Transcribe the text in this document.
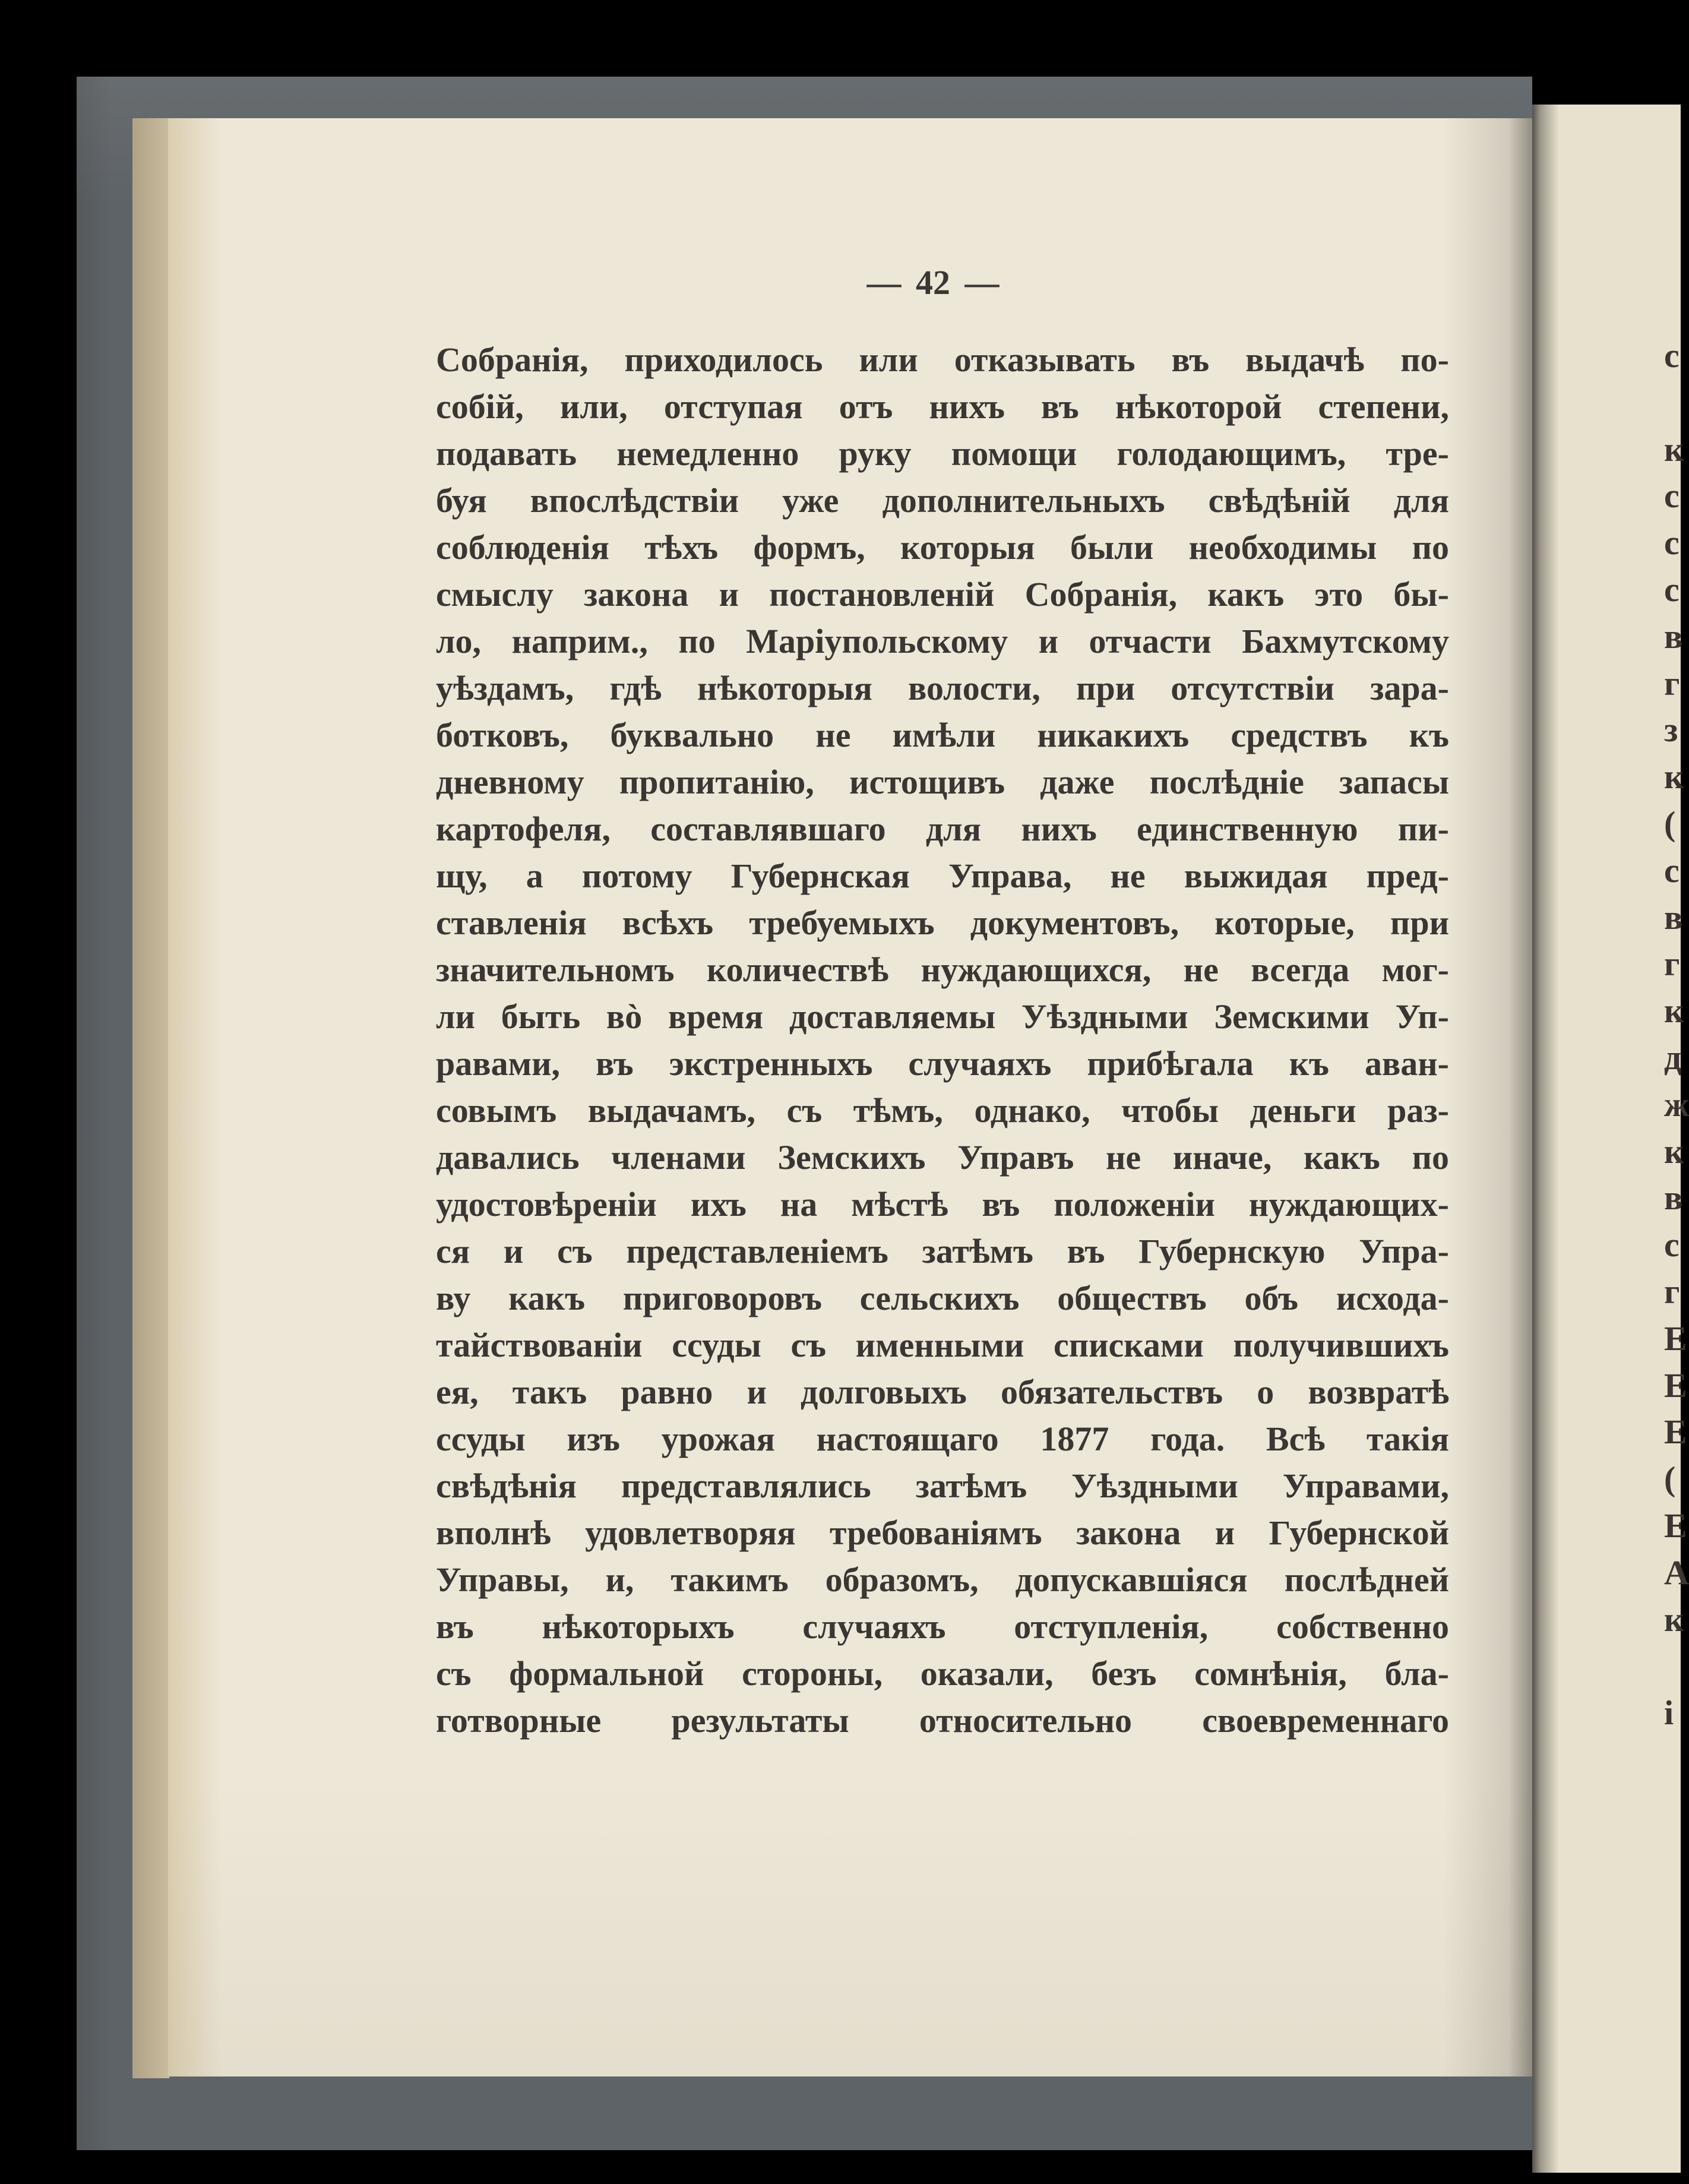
— 42 —
Собранія, приходилось или отказывать въ выдачѣ по-
собій, или, отступая отъ нихъ въ нѣкоторой степени,
подавать немедленно руку помощи голодающимъ, тре-
буя впослѣдствіи уже дополнительныхъ свѣдѣній для
соблюденія тѣхъ формъ, которыя были необходимы по
смыслу закона и постановленій Собранія, какъ это бы-
ло, наприм., по Маріупольскому и отчасти Бахмутскому
уѣздамъ, гдѣ нѣкоторыя волости, при отсутствіи зара-
ботковъ, буквально не имѣли никакихъ средствъ къ
дневному пропитанію, истощивъ даже послѣдніе запасы
картофеля, составлявшаго для нихъ единственную пи-
щу, а потому Губернская Управа, не выжидая пред-
ставленія всѣхъ требуемыхъ документовъ, которые, при
значительномъ количествѣ нуждающихся, не всегда мог-
ли быть вò время доставляемы Уѣздными Земскими Уп-
равами, въ экстренныхъ случаяхъ прибѣгала къ аван-
совымъ выдачамъ, съ тѣмъ, однако, чтобы деньги раз-
давались членами Земскихъ Управъ не иначе, какъ по
удостовѣреніи ихъ на мѣстѣ въ положеніи нуждающих-
ся и съ представленіемъ затѣмъ въ Губернскую Упра-
ву какъ приговоровъ сельскихъ обществъ объ исхода-
тайствованіи ссуды съ именными списками получившихъ
ея, такъ равно и долговыхъ обязательствъ о возвратѣ
ссуды изъ урожая настоящаго 1877 года. Всѣ такія
свѣдѣнія представлялись затѣмъ Уѣздными Управами,
вполнѣ удовлетворяя требованіямъ закона и Губернской
Управы, и, такимъ образомъ, допускавшіяся послѣдней
въ нѣкоторыхъ случаяхъ отступленія, собственно
съ формальной стороны, оказали, безъ сомнѣнія, бла-
готворные результаты относительно своевременнаго
с
к
с
с
с
в
г
з
к
(
с
в
г
к
д
ж
к
в
с
г
Е
Е
Е
(
Е
А
к
і
